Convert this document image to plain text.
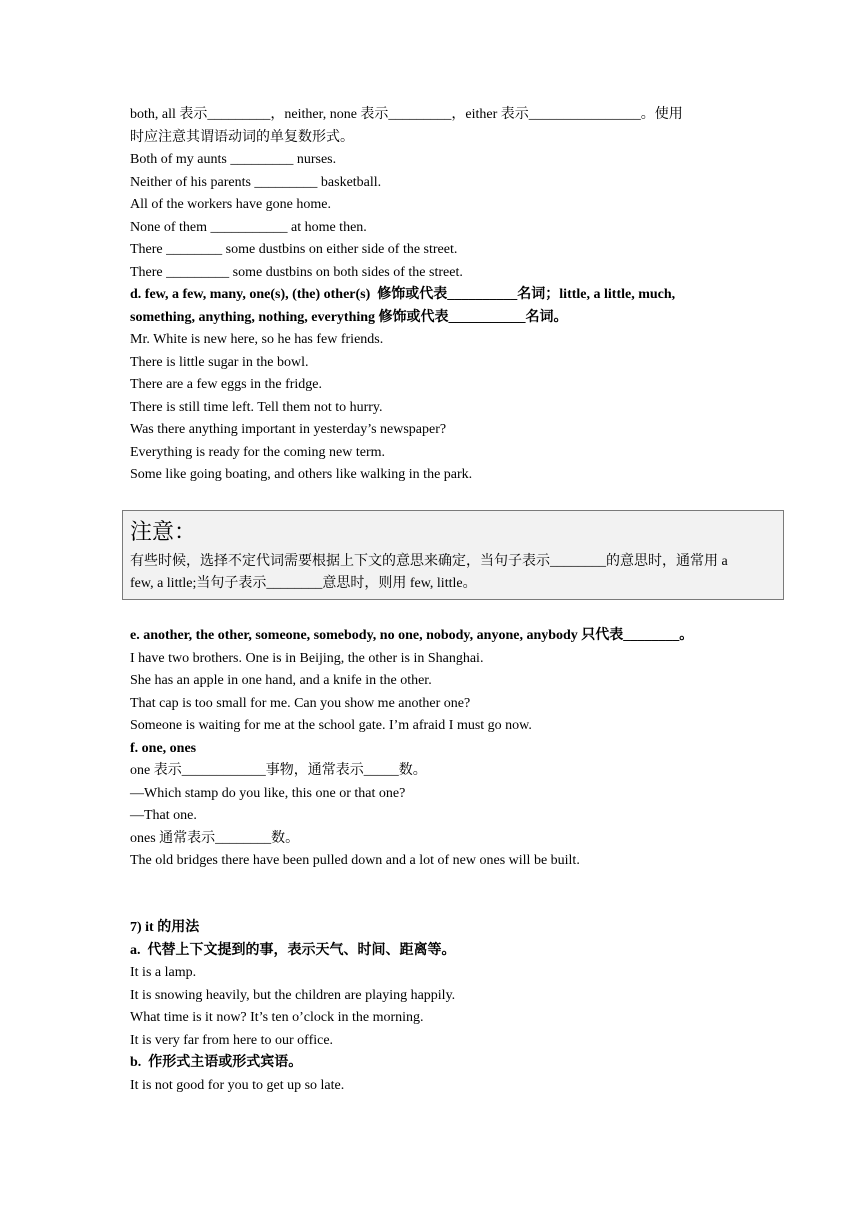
both, all 表示_________，neither, none 表示_________，either 表示________________。使用
时应注意其谓语动词的单复数形式。
Both of my aunts _________ nurses.
Neither of his parents _________ basketball.
All of the workers have gone home.
None of them ___________ at home then.
There ________ some dustbins on either side of the street.
There _________ some dustbins on both sides of the street.
d. few, a few, many, one(s), (the) other(s)  修饰或代表__________名词；little, a little, much,
something, anything, nothing, everything 修饰或代表___________名词。
Mr. White is new here, so he has few friends.
There is little sugar in the bowl.
There are a few eggs in the fridge.
There is still time left. Tell them not to hurry.
Was there anything important in yesterday’s newspaper?
Everything is ready for the coming new term.
Some like going boating, and others like walking in the park.
注意：
有些时候，选择不定代词需要根据上下文的意思来确定，当句子表示________的意思时，通常用 a
few, a little;当句子表示________意思时，则用 few, little。
e. another, the other, someone, somebody, no one, nobody, anyone, anybody 只代表________。
I have two brothers. One is in Beijing, the other is in Shanghai.
She has an apple in one hand, and a knife in the other.
That cap is too small for me. Can you show me another one?
Someone is waiting for me at the school gate. I’m afraid I must go now.
f. one, ones
one 表示____________事物，通常表示_____数。
—Which stamp do you like, this one or that one?
—That one.
ones 通常表示________数。
The old bridges there have been pulled down and a lot of new ones will be built.
7) it 的用法
a.  代替上下文提到的事，表示天气、时间、距离等。
It is a lamp.
It is snowing heavily, but the children are playing happily.
What time is it now? It’s ten o’clock in the morning.
It is very far from here to our office.
b.  作形式主语或形式宾语。
It is not good for you to get up so late.
